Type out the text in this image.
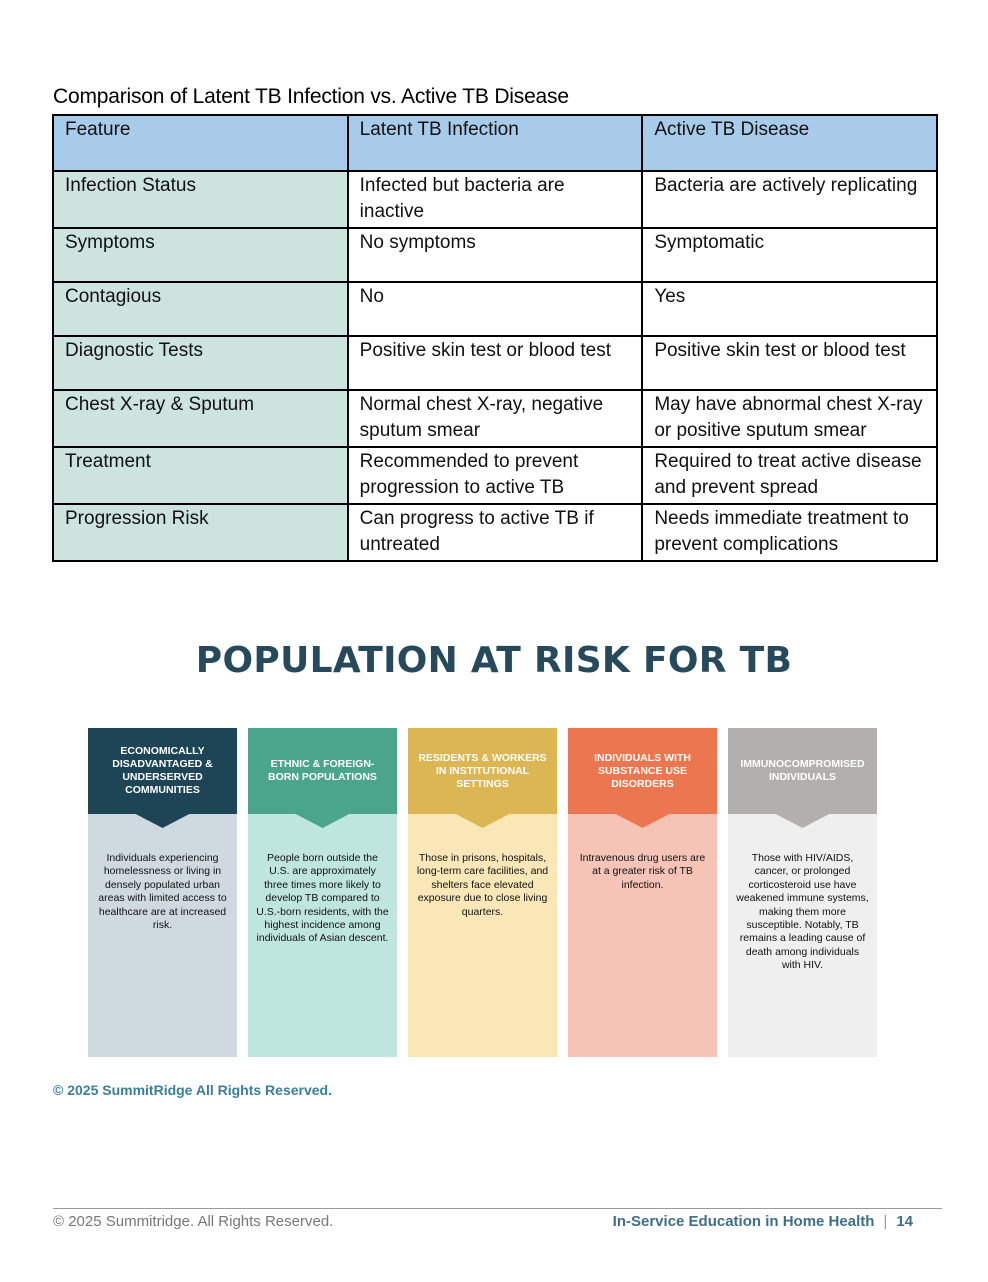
Comparison of Latent TB Infection vs. Active TB Disease
Feature	Latent TB Infection	Active TB Disease
Infection Status	Infected but bacteria are inactive	Bacteria are actively replicating
Symptoms	No symptoms	Symptomatic
Contagious	No	Yes
Diagnostic Tests	Positive skin test or blood test	Positive skin test or blood test
Chest X-ray & Sputum	Normal chest X-ray, negative sputum smear	May have abnormal chest X-ray or positive sputum smear
Treatment	Recommended to prevent progression to active TB	Required to treat active disease and prevent spread
Progression Risk	Can progress to active TB if untreated	Needs immediate treatment to prevent complications
POPULATION AT RISK FOR TB
ECONOMICALLY DISADVANTAGED & UNDERSERVED COMMUNITIES
Individuals experiencing homelessness or living in densely populated urban areas with limited access to healthcare are at increased risk.
ETHNIC & FOREIGN-BORN POPULATIONS
People born outside the U.S. are approximately three times more likely to develop TB compared to U.S.-born residents, with the highest incidence among individuals of Asian descent.
RESIDENTS & WORKERS IN INSTITUTIONAL SETTINGS
Those in prisons, hospitals, long-term care facilities, and shelters face elevated exposure due to close living quarters.
INDIVIDUALS WITH SUBSTANCE USE DISORDERS
Intravenous drug users are at a greater risk of TB infection.
IMMUNOCOMPROMISED INDIVIDUALS
Those with HIV/AIDS, cancer, or prolonged corticosteroid use have weakened immune systems, making them more susceptible. Notably, TB remains a leading cause of death among individuals with HIV.
© 2025 SummitRidge All Rights Reserved.
© 2025 Summitridge. All Rights Reserved.	In-Service Education in Home Health | 14
